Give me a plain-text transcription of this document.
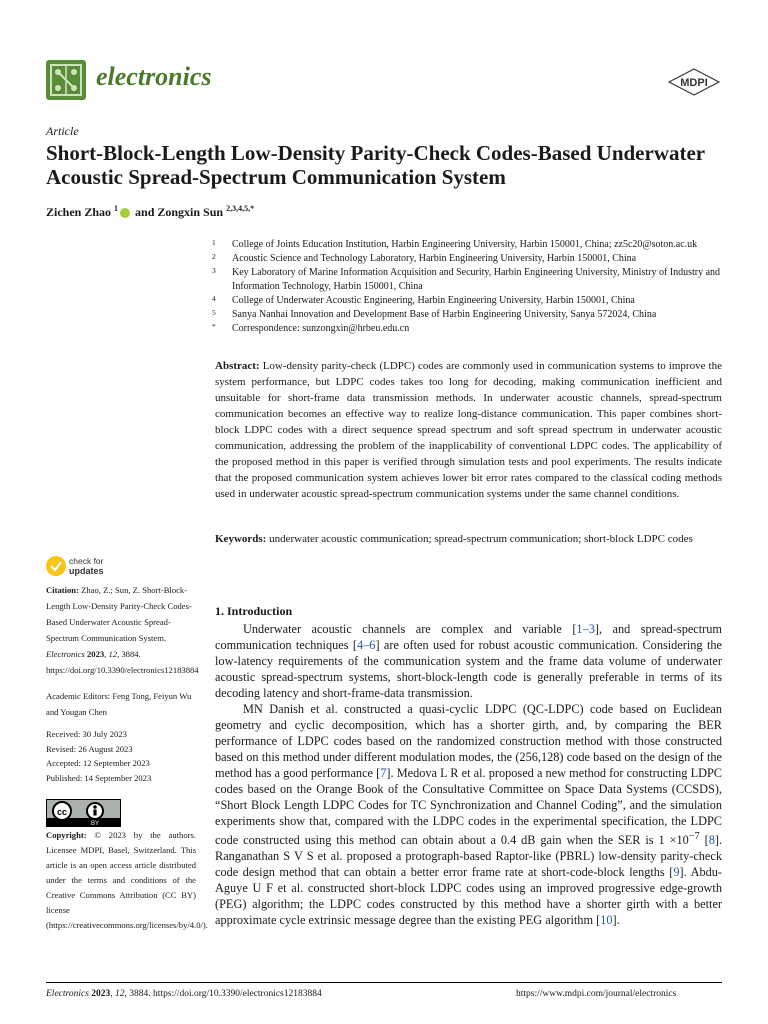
electronics	MDPI
Article
Short-Block-Length Low-Density Parity-Check Codes-Based Underwater Acoustic Spread-Spectrum Communication System
Zichen Zhao $^1$ and Zongxin Sun $^{2,3,4,5,*}$
1 College of Joints Education Institution, Harbin Engineering University, Harbin 150001, China; zz5c20@soton.ac.uk
2 Acoustic Science and Technology Laboratory, Harbin Engineering University, Harbin 150001, China
3 Key Laboratory of Marine Information Acquisition and Security, Harbin Engineering University, Ministry of Industry and Information Technology, Harbin 150001, China
4 College of Underwater Acoustic Engineering, Harbin Engineering University, Harbin 150001, China
5 Sanya Nanhai Innovation and Development Base of Harbin Engineering University, Sanya 572024, China
* Correspondence: sunzongxin@hrbeu.edu.cn
Abstract: Low-density parity-check (LDPC) codes are commonly used in communication systems to improve the system performance, but LDPC codes takes too long for decoding, making communication inefficient and unsuitable for short-frame data transmission methods. In underwater acoustic channels, spread-spectrum communication becomes an effective way to realize long-distance communication. This paper combines short-block LDPC codes with a direct sequence spread spectrum and soft spread spectrum in underwater acoustic communication, addressing the problem of the inapplicability of conventional LDPC codes. The applicability of the proposed method in this paper is verified through simulation tests and pool experiments. The results indicate that the proposed communication system achieves lower bit error rates compared to the classical coding methods used in underwater acoustic spread-spectrum communication systems under the same channel conditions.
Keywords: underwater acoustic communication; spread-spectrum communication; short-block LDPC codes
check for
updates
Citation: Zhao, Z.; Sun, Z. Short-Block-Length Low-Density Parity-Check Codes-Based Underwater Acoustic Spread-Spectrum Communication System. Electronics 2023, 12, 3884. https://doi.org/10.3390/electronics12183884
Academic Editors: Feng Tong, Feiyun Wu and Yougan Chen
Received: 30 July 2023
Revised: 26 August 2023
Accepted: 12 September 2023
Published: 14 September 2023
cc
BY
Copyright: © 2023 by the authors. Licensee MDPI, Basel, Switzerland. This article is an open access article distributed under the terms and conditions of the Creative Commons Attribution (CC BY) license (https://creativecommons.org/licenses/by/4.0/).
1. Introduction

Underwater acoustic channels are complex and variable [1–3], and spread-spectrum communication techniques [4–6] are often used for robust acoustic communication. Considering the low-latency requirements of the communication system and the frame data volume of underwater acoustic spread-spectrum systems, short-block-length code is generally preferable in terms of its decoding latency and short-frame-data transmission.

MN Danish et al. constructed a quasi-cyclic LDPC (QC-LDPC) code based on Euclidean geometry and cyclic decomposition, which has a shorter girth, and, by comparing the BER performance of LDPC codes based on the randomized construction method with those constructed based on this method under different modulation modes, the (256,128) code based on the design of the method has a good performance [7]. Medova L R et al. proposed a new method for constructing LDPC codes based on the Orange Book of the Consultative Committee on Space Data Systems (CCSDS), “Short Block Length LDPC Codes for TC Synchronization and Channel Coding”, and the simulation experiments show that, compared with the LDPC codes in the experimental specification, the LDPC code constructed using this method can obtain about a 0.4 dB gain when the SER is $1 \times 10^{-7}$ [8]. Ranganathan S V S et al. proposed a protograph-based Raptor-like (PBRL) low-density parity-check code design method that can obtain a better error frame rate at short-code-block lengths [9]. Abdu-Aguye U F et al. constructed short-block LDPC codes using an improved progressive edge-growth (PEG) algorithm; the LDPC codes constructed by this method have a shorter girth with a better approximate cycle extrinsic message degree than the existing PEG algorithm [10].

Electronics 2023, 12, 3884. https://doi.org/10.3390/electronics12183884	https://www.mdpi.com/journal/electronics
